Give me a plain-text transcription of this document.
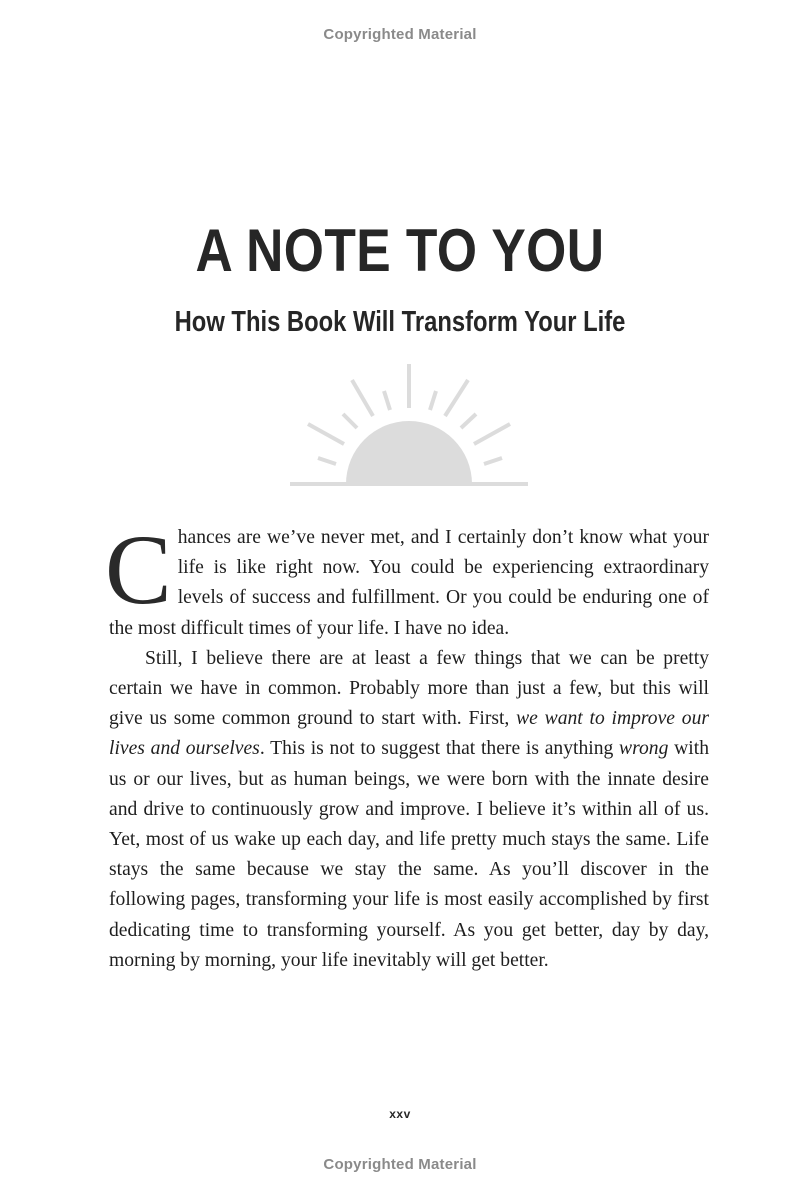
Copyrighted Material
A NOTE TO YOU
How This Book Will Transform Your Life

Chances are we’ve never met, and I certainly don’t know what your life is like right now. You could be experiencing extraordinary levels of success and fulfillment. Or you could be enduring one of the most difficult times of your life. I have no idea.

Still, I believe there are at least a few things that we can be pretty certain we have in common. Probably more than just a few, but this will give us some common ground to start with. First, we want to improve our lives and ourselves. This is not to suggest that there is anything wrong with us or our lives, but as human beings, we were born with the innate desire and drive to continuously grow and improve. I believe it’s within all of us. Yet, most of us wake up each day, and life pretty much stays the same. Life stays the same because we stay the same. As you’ll discover in the following pages, transforming your life is most easily accomplished by first dedicating time to transforming yourself. As you get better, day by day, morning by morning, your life inevitably will get better.

xxv
Copyrighted Material
